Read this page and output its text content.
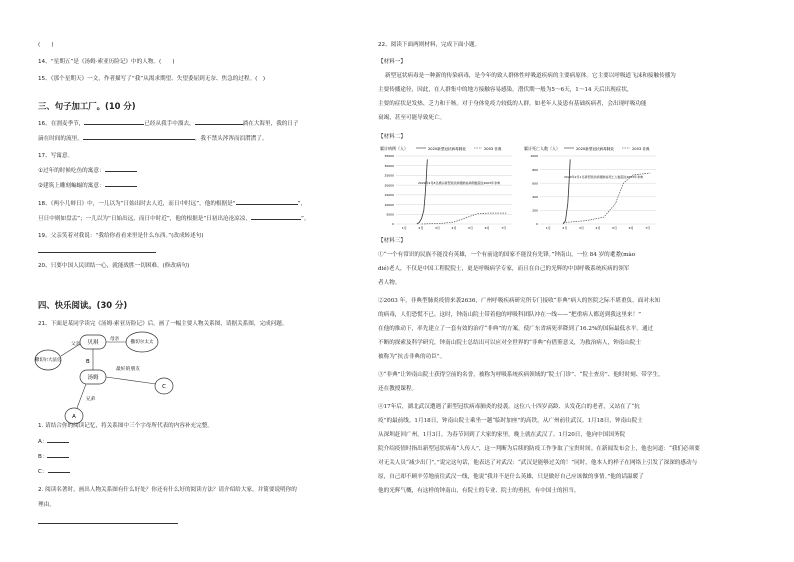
(　　)
14、“星期五”是《汤姆·索亚历险记》中的人物。(　　)
15、《那个星期天》一文，作者描写了“我”从渴求期望、失望委屈到无奈、焦急的过程。(　)
三、句子加工厂。(10 分)
16、在割麦季节，	已经从我手中溜去，	淌在大海里，我的日子
滴在时间的流里，	。我不禁头涔涔而泪潸潸了。
17、写寓意。
①过年的时候吃鱼的寓意：
②建筑上雕刻蝙蝠的寓意：
18、《两小儿辩日》中，一儿以为“日始出时去人近，而日中时远”，他的根据是“	”，
旦日中则如盘盂”；一儿以为“日始出远，而日中时近”，他的根据是“日初出沧沧凉凉，	”。
19、父亲笑着对我说：“我给你看看来里是什么东西。”(改成转述句)
20、只要中国人民团结一心，就能战胜一切困难。(修改病句)
四、快乐阅读。(30 分)
21、下面是某同学读完《汤姆·索亚历险记》后，画了一幅主要人物关系图，请据关系图，完成问题。
贝琪	撒切尔太太
撒切尔大法官
父亲
母亲
B
汤姆
最好的朋友
C
兄弟
A
1. 请结合你的阅读记忆，将关系图中三个字母所代表的内容补充完整。
A：
B：
C：
2. 阅读名著时，画出人物关系图有什么好处？你还有什么好的阅读方法？请介绍给大家，并简要说明你的
理由。
22、阅读下面两则材料，完成下面小题。
【材料一】
新型冠状病毒是一种新的传染病毒，是今年的致人群体性呼吸道疾病的主要病原体。它主要以呼吸道飞沫和接触传播为
主要传播途径，因此，在人群集中的地方接触容易感染。潜伏期一般为5～6天，1～14 天后出现症状，
主要的症状是发热、乏力和干咳。对于身体免疫力较低的人群，如老年人及患有基础疾病者，会出现呼吸功能
衰竭，甚至可能导致死亡。
【材料二】
累计病例（人）	2020新型冠状病毒肺炎	2003 非典
0
5000
10000
15000
20000
25000
30000
35000
1月	2月	3月	4月	5月	6月	7月
2020年2月8日确诊新型冠状病毒肺炎病例数超过2003年非典
累计死亡人数（人）	2020新型冠状病毒肺炎	2003 非典
0
200
400
600
800
1000
1月	2月	3月	4月	5月	6月	7月
2020年2月1日新型冠状病毒肺炎死亡人数超过2003年非典
【材料三】
①“一个有常识的民族不能没有英雄，一个有前途的国家不能没有先锋。”钟南山，一位 84 岁的耄耋(mào
dié)老人，不仅是中国工程院院士，更是呼吸病学专家，而且在自己的光辉的中国呼吸系统疾病的领军
者人物。
②2003 年，非典型肺炎疫情来袭2636，广州呼吸疾病研究所专门接收“非典”病人的医院之际不堪重负。面对未知
的病毒，人们恐慌不已。这时，钟南山院士带着他的呼吸科团队冲在一线——“把重病人都送到我这里来！”
在他的推动下，率先建立了一套有效的治疗“非典”的方案，使广东省病死率降到了16.2%的国际最低水平。通过
不断的探索及科学研究，钟南山院士总结出可以应对全世界的“非典”有借鉴意义，为救治病人，钟南山院士
被称为“抗击非典的功臣”。
③“非典”让钟南山院士获得空前的名誉，被称为呼吸系统疾病领域的“院士门诊”、“院士查房”、他时时刻、带学生，
还在教授课程。
④17年后，湖北武汉遭遇了新型冠状病毒肺炎的侵袭。这位八十四岁高龄、头发花白的老者，又站在了“抗
疫”的最前线。1月18日，钟南山院士乘坐一趟“临时加座”的高铁，从广州前往武汉。1月18日，钟南山院士
从深圳赶回广州，1月3日，为春节回到了大家的家里，晚上就在武汉了。1月20日，他向中国国务院
院介绍疫情时指出新型冠状病毒“人传人”，这一判断为后续的防疫工作争取了宝贵时间。在新闻发布会上，他也问道：“我们必须要
对无关人员“减少出门”。”说完这句话，他表达了对武汉：“武汉是能够过关的！”同时，他本人的样子在网络上引发了深深的感动与
原，自己却不顾辛劳地前往武汉一线，他说“我并不是什么英雄，只是做好自己应该做的事情。”他的话温暖了
他的光辉气概，有这样的钟南山，有院士的专业、院士的勇担，有中国士的担当。
